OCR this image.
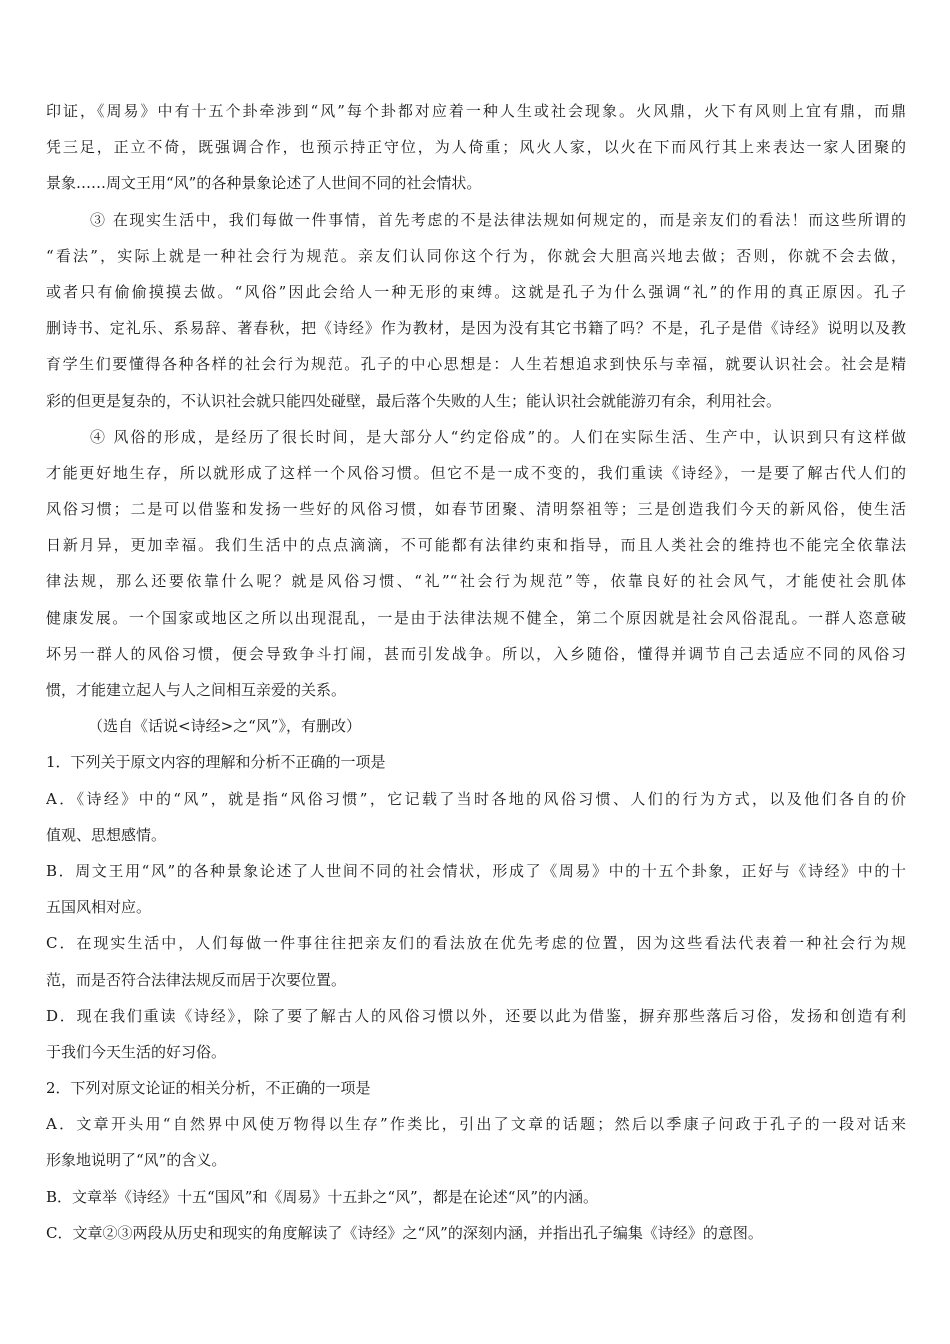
印证，《周易》中有十五个卦牵涉到“风”每个卦都对应着一种人生或社会现象。火风鼎，火下有风则上宜有鼎，而鼎
凭三足，正立不倚，既强调合作，也预示持正守位，为人倚重；风火人家，以火在下而风行其上来表达一家人团聚的
景象……周文王用“风”的各种景象论述了人世间不同的社会情状。
③ 在现实生活中，我们每做一件事情，首先考虑的不是法律法规如何规定的，而是亲友们的看法！而这些所谓的
“看法”，实际上就是一种社会行为规范。亲友们认同你这个行为，你就会大胆高兴地去做；否则，你就不会去做，
或者只有偷偷摸摸去做。“风俗”因此会给人一种无形的束缚。这就是孔子为什么强调“礼”的作用的真正原因。孔子
删诗书、定礼乐、系易辞、著春秋，把《诗经》作为教材，是因为没有其它书籍了吗？不是，孔子是借《诗经》说明以及教
育学生们要懂得各种各样的社会行为规范。孔子的中心思想是：人生若想追求到快乐与幸福，就要认识社会。社会是精
彩的但更是复杂的，不认识社会就只能四处碰壁，最后落个失败的人生；能认识社会就能游刃有余，利用社会。
④ 风俗的形成，是经历了很长时间，是大部分人“约定俗成”的。人们在实际生活、生产中，认识到只有这样做
才能更好地生存，所以就形成了这样一个风俗习惯。但它不是一成不变的，我们重读《诗经》，一是要了解古代人们的
风俗习惯；二是可以借鉴和发扬一些好的风俗习惯，如春节团聚、清明祭祖等；三是创造我们今天的新风俗，使生活
日新月异，更加幸福。我们生活中的点点滴滴，不可能都有法律约束和指导，而且人类社会的维持也不能完全依靠法
律法规，那么还要依靠什么呢？就是风俗习惯、“礼”“社会行为规范”等，依靠良好的社会风气，才能使社会肌体
健康发展。一个国家或地区之所以出现混乱，一是由于法律法规不健全，第二个原因就是社会风俗混乱。一群人恣意破
坏另一群人的风俗习惯，便会导致争斗打闹，甚而引发战争。所以，入乡随俗，懂得并调节自己去适应不同的风俗习
惯，才能建立起人与人之间相互亲爱的关系。
（选自《话说<诗经>之“风”》，有删改）
1．下列关于原文内容的理解和分析不正确的一项是
A．《诗经》中的“风”，就是指“风俗习惯”，它记载了当时各地的风俗习惯、人们的行为方式，以及他们各自的价
值观、思想感情。
B．周文王用“风”的各种景象论述了人世间不同的社会情状，形成了《周易》中的十五个卦象，正好与《诗经》中的十
五国风相对应。
C．在现实生活中，人们每做一件事往往把亲友们的看法放在优先考虑的位置，因为这些看法代表着一种社会行为规
范，而是否符合法律法规反而居于次要位置。
D．现在我们重读《诗经》，除了要了解古人的风俗习惯以外，还要以此为借鉴，摒弃那些落后习俗，发扬和创造有利
于我们今天生活的好习俗。
2．下列对原文论证的相关分析，不正确的一项是
A．文章开头用“自然界中风使万物得以生存”作类比，引出了文章的话题；然后以季康子问政于孔子的一段对话来
形象地说明了“风”的含义。
B．文章举《诗经》十五“国风”和《周易》十五卦之“风”，都是在论述“风”的内涵。
C．文章②③两段从历史和现实的角度解读了《诗经》之“风”的深刻内涵，并指出孔子编集《诗经》的意图。
